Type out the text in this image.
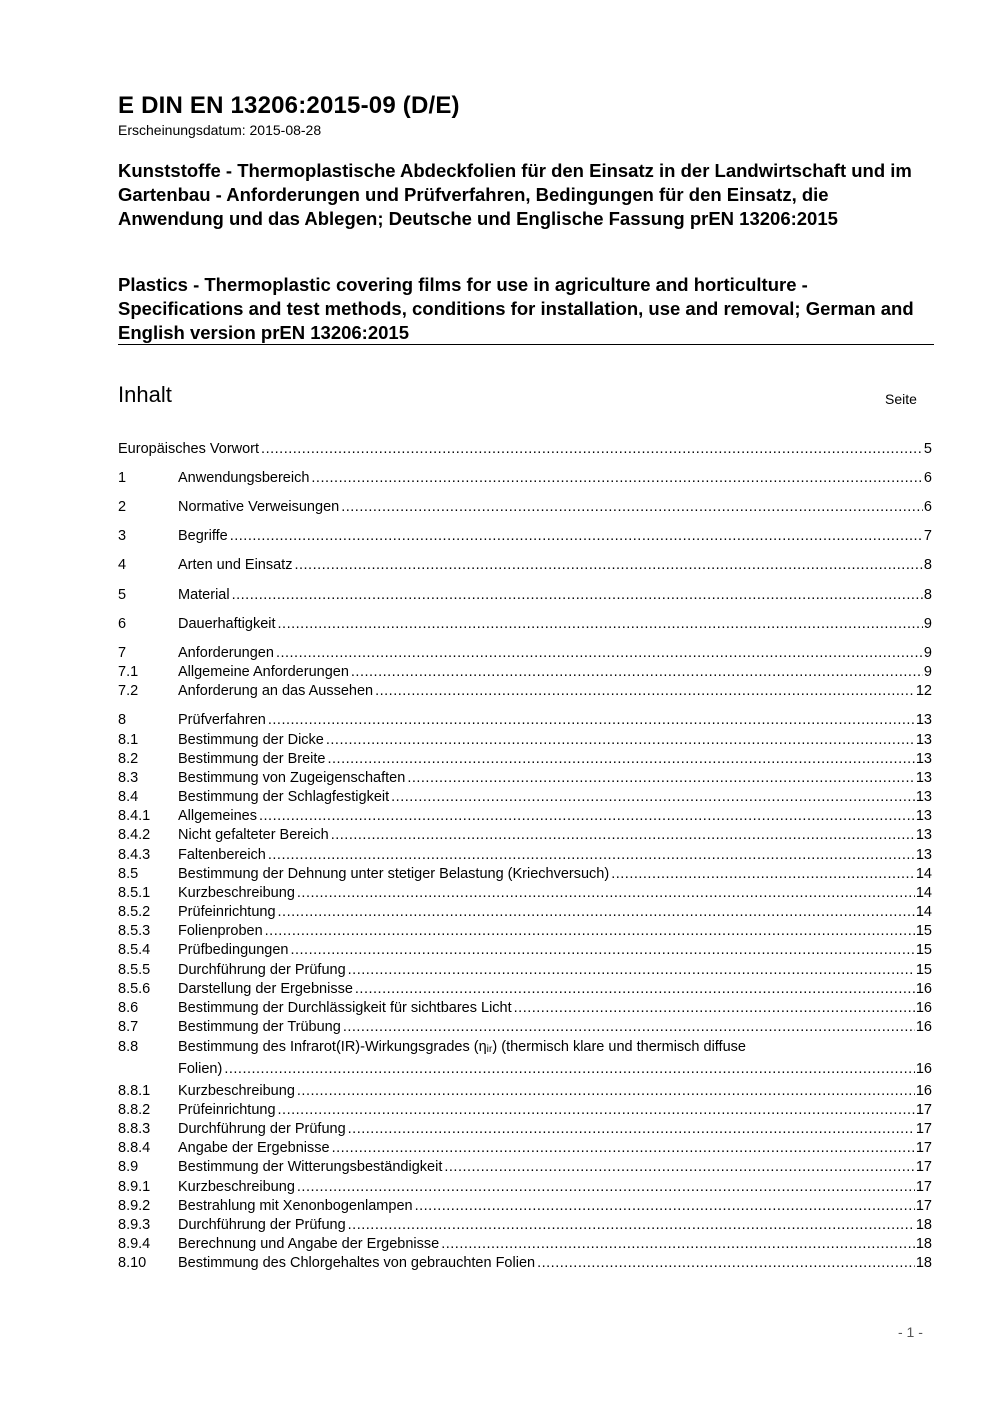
E DIN EN 13206:2015-09 (D/E)
Erscheinungsdatum: 2015-08-28
Kunststoffe - Thermoplastische Abdeckfolien für den Einsatz in der Landwirtschaft und im Gartenbau - Anforderungen und Prüfverfahren, Bedingungen für den Einsatz, die Anwendung und das Ablegen; Deutsche und Englische Fassung prEN 13206:2015
Plastics - Thermoplastic covering films for use in agriculture and horticulture - Specifications and test methods, conditions for installation, use and removal; German and English version prEN 13206:2015
Inhalt	Seite
Europäisches Vorwort .....	5
1	Anwendungsbereich .....	6
2	Normative Verweisungen .....	6
3	Begriffe .....	7
4	Arten und Einsatz .....	8
5	Material .....	8
6	Dauerhaftigkeit .....	9
7	Anforderungen .....	9
7.1	Allgemeine Anforderungen .....	9
7.2	Anforderung an das Aussehen .....	12
8	Prüfverfahren .....	13
8.1	Bestimmung der Dicke .....	13
8.2	Bestimmung der Breite .....	13
8.3	Bestimmung von Zugeigenschaften .....	13
8.4	Bestimmung der Schlagfestigkeit .....	13
8.4.1 Allgemeines .....	13
8.4.2 Nicht gefalteter Bereich .....	13
8.4.3 Faltenbereich .....	13
8.5	Bestimmung der Dehnung unter stetiger Belastung (Kriechversuch) .....	14
8.5.1 Kurzbeschreibung .....	14
8.5.2 Prüfeinrichtung .....	14
8.5.3 Folienproben .....	15
8.5.4 Prüfbedingungen .....	15
8.5.5 Durchführung der Prüfung .....	15
8.5.6 Darstellung der Ergebnisse .....	16
8.6	Bestimmung der Durchlässigkeit für sichtbares Licht .....	16
8.7	Bestimmung der Trübung .....	16
8.8	Bestimmung des Infrarot(IR)-Wirkungsgrades (ηᵢᵣ) (thermisch klare und thermisch diffuse
Folien) .....	16
8.8.1 Kurzbeschreibung .....	16
8.8.2 Prüfeinrichtung .....	17
8.8.3 Durchführung der Prüfung .....	17
8.8.4 Angabe der Ergebnisse .....	17
8.9	Bestimmung der Witterungsbeständigkeit .....	17
8.9.1 Kurzbeschreibung .....	17
8.9.2 Bestrahlung mit Xenonbogenlampen .....	17
8.9.3 Durchführung der Prüfung .....	18
8.9.4 Berechnung und Angabe der Ergebnisse .....	18
8.10 Bestimmung des Chlorgehaltes von gebrauchten Folien .....	18
- 1 -
